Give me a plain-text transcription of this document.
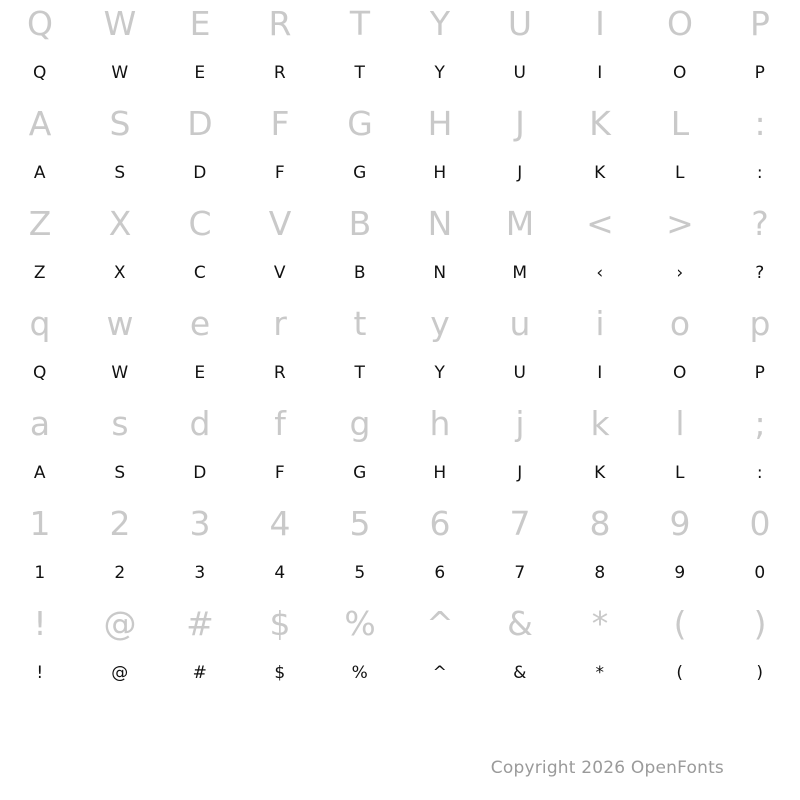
Q
Q
W
W
E
E
R
R
T
T
Y
Y
U
U
I
I
O
O
P
P
A
A
S
S
D
D
F
F
G
G
H
H
J
J
K
K
L
L
:
:
Z
Z
X
X
C
C
V
V
B
B
N
N
M
M
<
‹
>
›
?
?
q
Q
w
W
e
E
r
R
t
T
y
Y
u
U
i
I
o
O
p
P
a
A
s
S
d
D
f
F
g
G
h
H
j
J
k
K
l
L
;
:
1
1
2
2
3
3
4
4
5
5
6
6
7
7
8
8
9
9
0
0
!
!
@
@
#
#
$
$
%
%
^
^
&
&
*
*
(
(
)
)
Copyright 2026 OpenFonts
